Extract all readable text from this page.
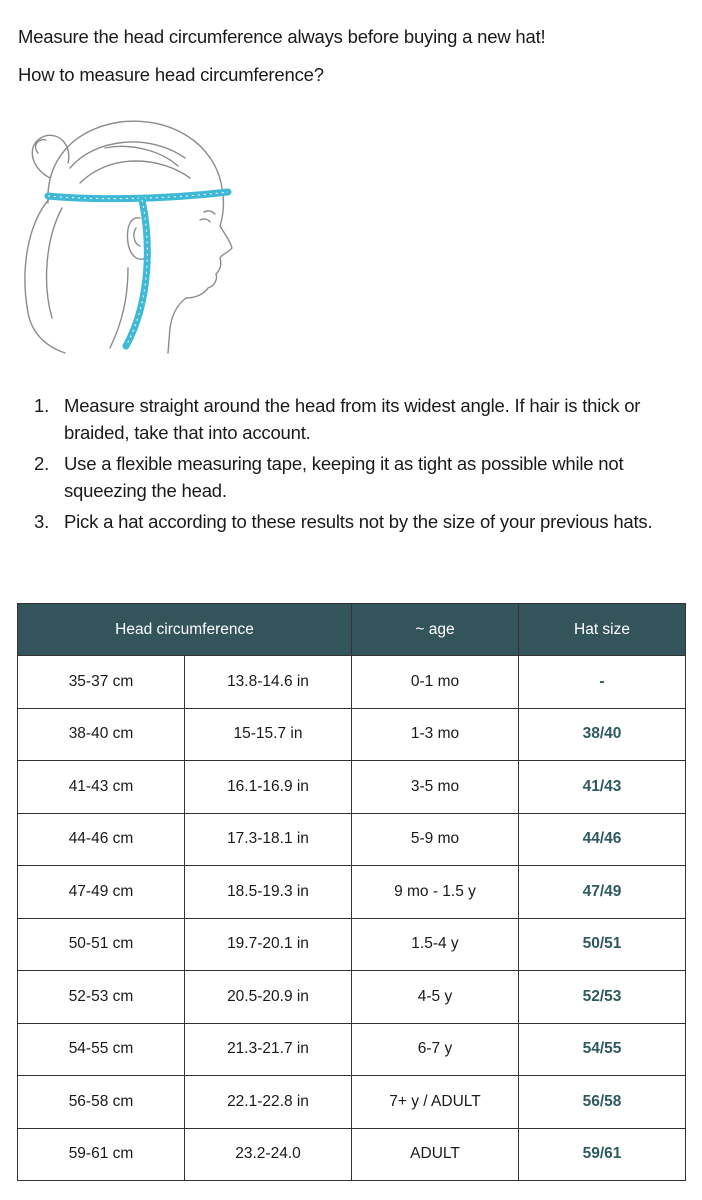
Measure the head circumference always before buying a new hat!
How to measure head circumference?
1. Measure straight around the head from its widest angle. If hair is thick or braided, take that into account.
2. Use a flexible measuring tape, keeping it as tight as possible while not squeezing the head.
3. Pick a hat according to these results not by the size of your previous hats.
Head circumference		~ age	Hat size
35-37 cm	13.8-14.6 in	0-1 mo	-
38-40 cm	15-15.7 in	1-3 mo	38/40
41-43 cm	16.1-16.9 in	3-5 mo	41/43
44-46 cm	17.3-18.1 in	5-9 mo	44/46
47-49 cm	18.5-19.3 in	9 mo - 1.5 y	47/49
50-51 cm	19.7-20.1 in	1.5-4 y	50/51
52-53 cm	20.5-20.9 in	4-5 y	52/53
54-55 cm	21.3-21.7 in	6-7 y	54/55
56-58 cm	22.1-22.8 in	7+ y / ADULT	56/58
59-61 cm	23.2-24.0	ADULT	59/61
